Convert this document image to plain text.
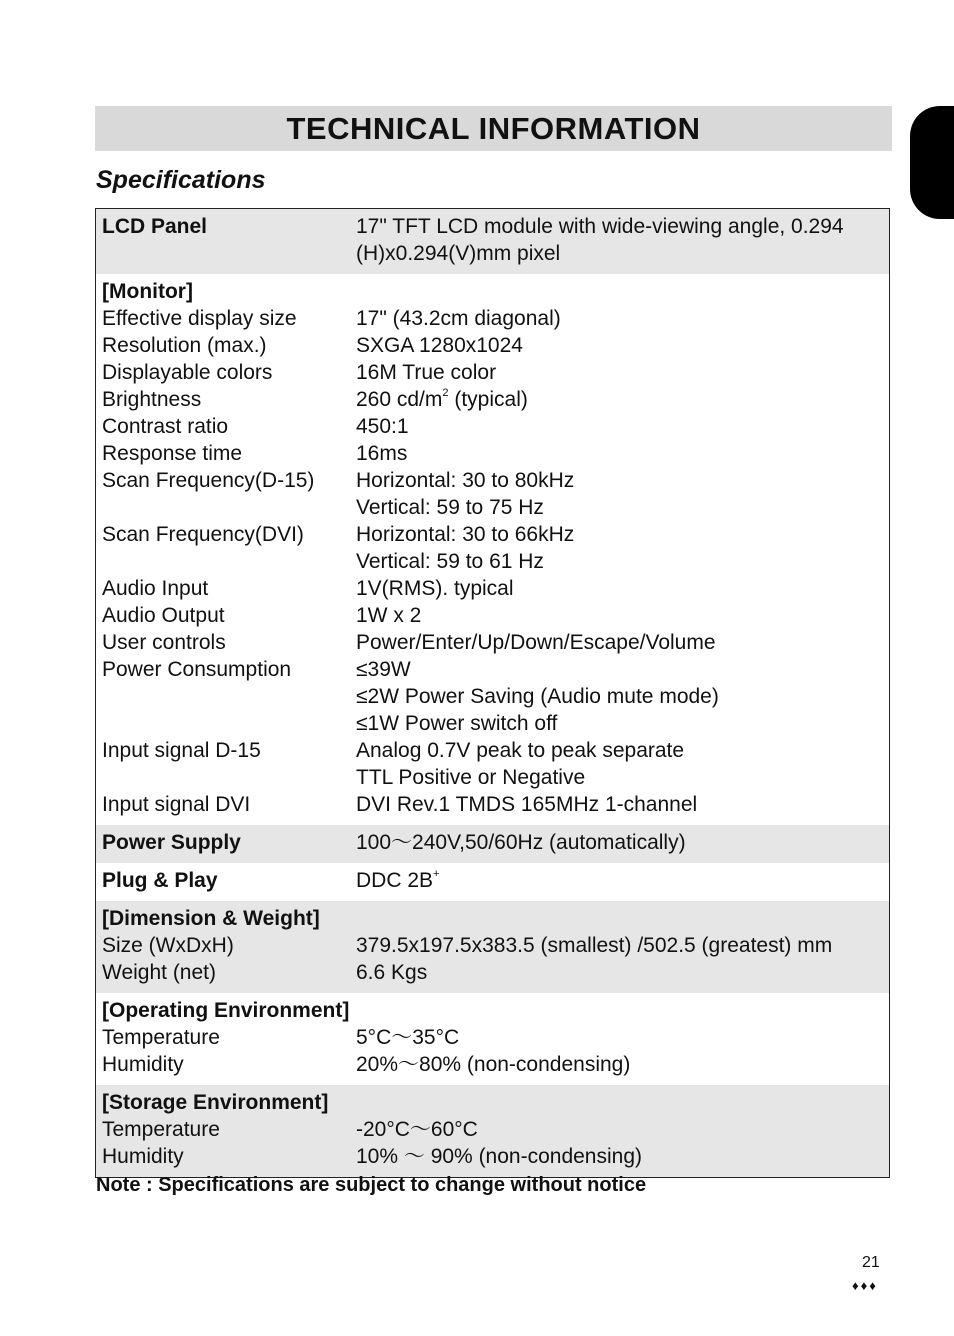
TECHNICAL INFORMATION
Specifications
LCD Panel	17" TFT LCD module with wide-viewing angle, 0.294
(H)x0.294(V)mm pixel
[Monitor]
Effective display size	17" (43.2cm diagonal)
Resolution (max.)	SXGA 1280x1024
Displayable colors	16M True color
Brightness	260 $cd/m^2$ (typical)
Contrast ratio	450:1
Response time	16ms
Scan Frequency(D-15)	Horizontal: 30 to 80kHz
Vertical: 59 to 75 Hz
Scan Frequency(DVI)	Horizontal: 30 to 66kHz
Vertical: 59 to 61 Hz
Audio Input	1V(RMS). typical
Audio Output	1W x 2
User controls	Power/Enter/Up/Down/Escape/Volume
Power Consumption	≤39W
≤2W Power Saving (Audio mute mode)
≤1W Power switch off
Input signal D-15	Analog 0.7V peak to peak separate
TTL Positive or Negative
Input signal DVI	DVI Rev.1 TMDS 165MHz 1-channel
Power Supply	100～240V,50/60Hz (automatically)
Plug & Play	DDC 2B+
[Dimension & Weight]
Size (WxDxH)	379.5x197.5x383.5 (smallest) /502.5 (greatest) mm
Weight (net)	6.6 Kgs
[Operating Environment]
Temperature	5°C～35°C
Humidity	20%～80% (non-condensing)
[Storage Environment]
Temperature	-20°C～60°C
Humidity	10% ～ 90% (non-condensing)

Note : Specifications are subject to change without notice

21
♦♦♦
